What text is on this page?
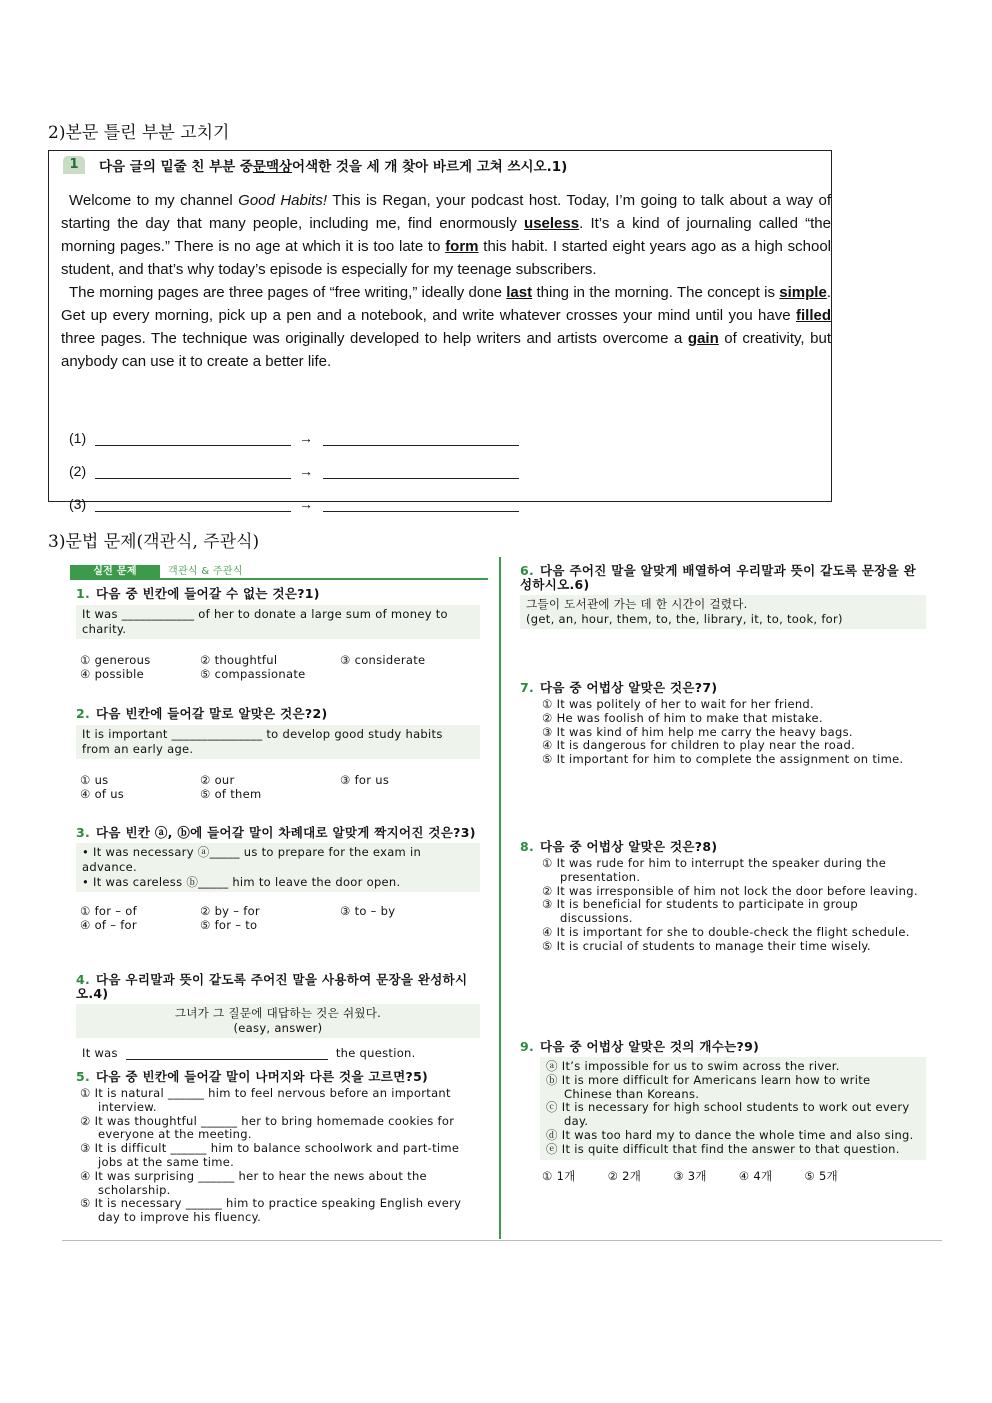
2)본문 틀린 부분 고치기
1	다음 글의 밑줄 친 부분 중 문맥상 어색한 것을 세 개 찾아 바르게 고쳐 쓰시오.1)

Welcome to my channel Good Habits! This is Regan, your podcast host. Today, I’m going to talk about a way of starting the day that many people, including me, find enormously useless. It’s a kind of journaling called “the morning pages.” There is no age at which it is too late to form this habit. I started eight years ago as a high school student, and that’s why today’s episode is especially for my teenage subscribers.

The morning pages are three pages of “free writing,” ideally done last thing in the morning. The concept is simple. Get up every morning, pick up a pen and a notebook, and write whatever crosses your mind until you have filled three pages. The technique was originally developed to help writers and artists overcome a gain of creativity, but anybody can use it to create a better life.

(1)	→
(2)	→
(3)	→
3)문법 문제(객관식, 주관식)
실전 문제	객관식 & 주관식
1. 다음 중 빈칸에 들어갈 수 없는 것은?1)
It was ____________ of her to donate a large sum of money to charity.
① generous	② thoughtful	③ considerate
④ possible	⑤ compassionate
2. 다음 빈칸에 들어갈 말로 알맞은 것은?2)
It is important _______________ to develop good study habits from an early age.
① us	② our	③ for us
④ of us	⑤ of them
3. 다음 빈칸 ⓐ, ⓑ에 들어갈 말이 차례대로 알맞게 짝지어진 것은?3)
• It was necessary ⓐ_____ us to prepare for the exam in advance.
• It was careless ⓑ_____ him to leave the door open.
① for – of	② by – for	③ to – by
④ of – for	⑤ for – to
4. 다음 우리말과 뜻이 같도록 주어진 말을 사용하여 문장을 완성하시오.4)
그녀가 그 질문에 대답하는 것은 쉬웠다.
(easy, answer)
It was	the question.
5. 다음 중 빈칸에 들어갈 말이 나머지와 다른 것을 고르면?5)
① It is natural ______ him to feel nervous before an important interview.
② It was thoughtful ______ her to bring homemade cookies for everyone at the meeting.
③ It is difficult ______ him to balance schoolwork and part-time jobs at the same time.
④ It was surprising ______ her to hear the news about the scholarship.
⑤ It is necessary ______ him to practice speaking English every day to improve his fluency.
6. 다음 주어진 말을 알맞게 배열하여 우리말과 뜻이 같도록 문장을 완성하시오.6)
그들이 도서관에 가는 데 한 시간이 걸렸다.
(get, an, hour, them, to, the, library, it, to, took, for)
7. 다음 중 어법상 알맞은 것은?7)
① It was politely of her to wait for her friend.
② He was foolish of him to make that mistake.
③ It was kind of him help me carry the heavy bags.
④ It is dangerous for children to play near the road.
⑤ It important for him to complete the assignment on time.
8. 다음 중 어법상 알맞은 것은?8)
① It was rude for him to interrupt the speaker during the presentation.
② It was irresponsible of him not lock the door before leaving.
③ It is beneficial for students to participate in group discussions.
④ It is important for she to double-check the flight schedule.
⑤ It is crucial of students to manage their time wisely.
9. 다음 중 어법상 알맞은 것의 개수는?9)
ⓐ It’s impossible for us to swim across the river.
ⓑ It is more difficult for Americans learn how to write Chinese than Koreans.
ⓒ It is necessary for high school students to work out every day.
ⓓ It was too hard my to dance the whole time and also sing.
ⓔ It is quite difficult that find the answer to that question.
① 1개	② 2개	③ 3개	④ 4개	⑤ 5개
